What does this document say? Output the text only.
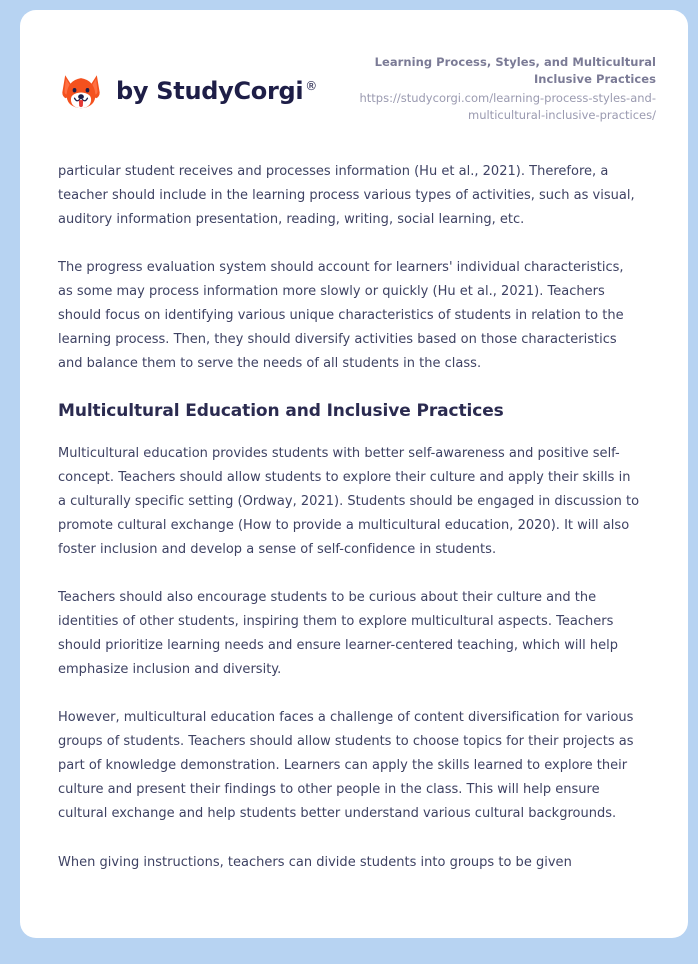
by StudyCorgi ®
Learning Process, Styles, and Multicultural Inclusive Practices
https://studycorgi.com/learning-process-styles-and-multicultural-inclusive-practices/

particular student receives and processes information (Hu et al., 2021). Therefore, a teacher should include in the learning process various types of activities, such as visual, auditory information presentation, reading, writing, social learning, etc.

The progress evaluation system should account for learners' individual characteristics, as some may process information more slowly or quickly (Hu et al., 2021). Teachers should focus on identifying various unique characteristics of students in relation to the learning process. Then, they should diversify activities based on those characteristics and balance them to serve the needs of all students in the class.

Multicultural Education and Inclusive Practices

Multicultural education provides students with better self-awareness and positive self-concept. Teachers should allow students to explore their culture and apply their skills in a culturally specific setting (Ordway, 2021). Students should be engaged in discussion to promote cultural exchange (How to provide a multicultural education, 2020). It will also foster inclusion and develop a sense of self-confidence in students.

Teachers should also encourage students to be curious about their culture and the identities of other students, inspiring them to explore multicultural aspects. Teachers should prioritize learning needs and ensure learner-centered teaching, which will help emphasize inclusion and diversity.

However, multicultural education faces a challenge of content diversification for various groups of students. Teachers should allow students to choose topics for their projects as part of knowledge demonstration. Learners can apply the skills learned to explore their culture and present their findings to other people in the class. This will help ensure cultural exchange and help students better understand various cultural backgrounds.

When giving instructions, teachers can divide students into groups to be given
